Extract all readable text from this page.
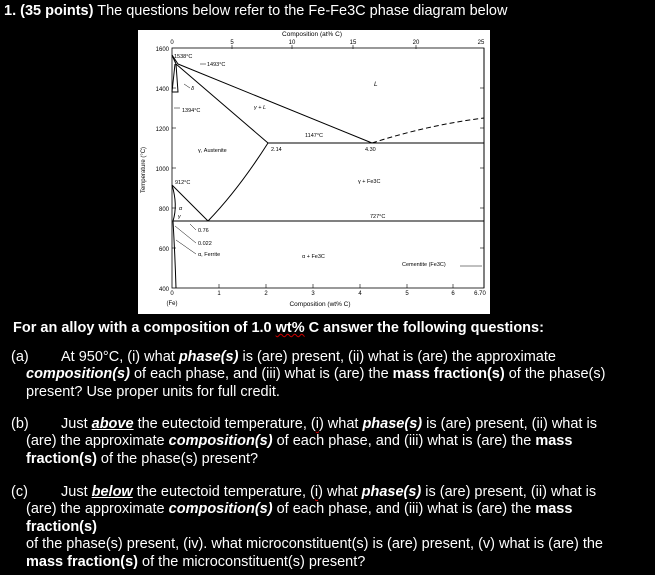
1. (35 points) The questions below refer to the Fe-Fe3C phase diagram below
Composition (at% C)
0	5	10	15	20	25
Temperature (°C)
1600
1400
1200
1000
800
600
400
0	1	2	3	4	5	6	6.70
(Fe)	Composition (wt% C)
1538°C
1493°C
1394°C
1147°C
912°C
727°C
2.14	4.30
0.76
0.022
α, Ferrite
γ, Austenite
γ + Fe3C
α + Fe3C
Cementite (Fe3C)
γ + L
L
δ
α
γ
For an alloy with a composition of 1.0 wt% C answer the following questions:

(a) At 950°C, (i) what phase(s) is (are) present, (ii) what is (are) the approximate

composition(s) of each phase, and (iii) what is (are) the mass fraction(s) of the phase(s)

present? Use proper units for full credit.

(b) Just above the eutectoid temperature, (i) what phase(s) is (are) present, (ii) what is

(are) the approximate composition(s) of each phase, and (iii) what is (are) the mass

fraction(s) of the phase(s) present?

(c) Just below the eutectoid temperature, (i) what phase(s) is (are) present, (ii) what is

(are) the approximate composition(s) of each phase, and (iii) what is (are) the mass fraction(s)

of the phase(s) present, (iv). what microconstituent(s) is (are) present, (v) what is (are) the

mass fraction(s) of the microconstituent(s) present?
